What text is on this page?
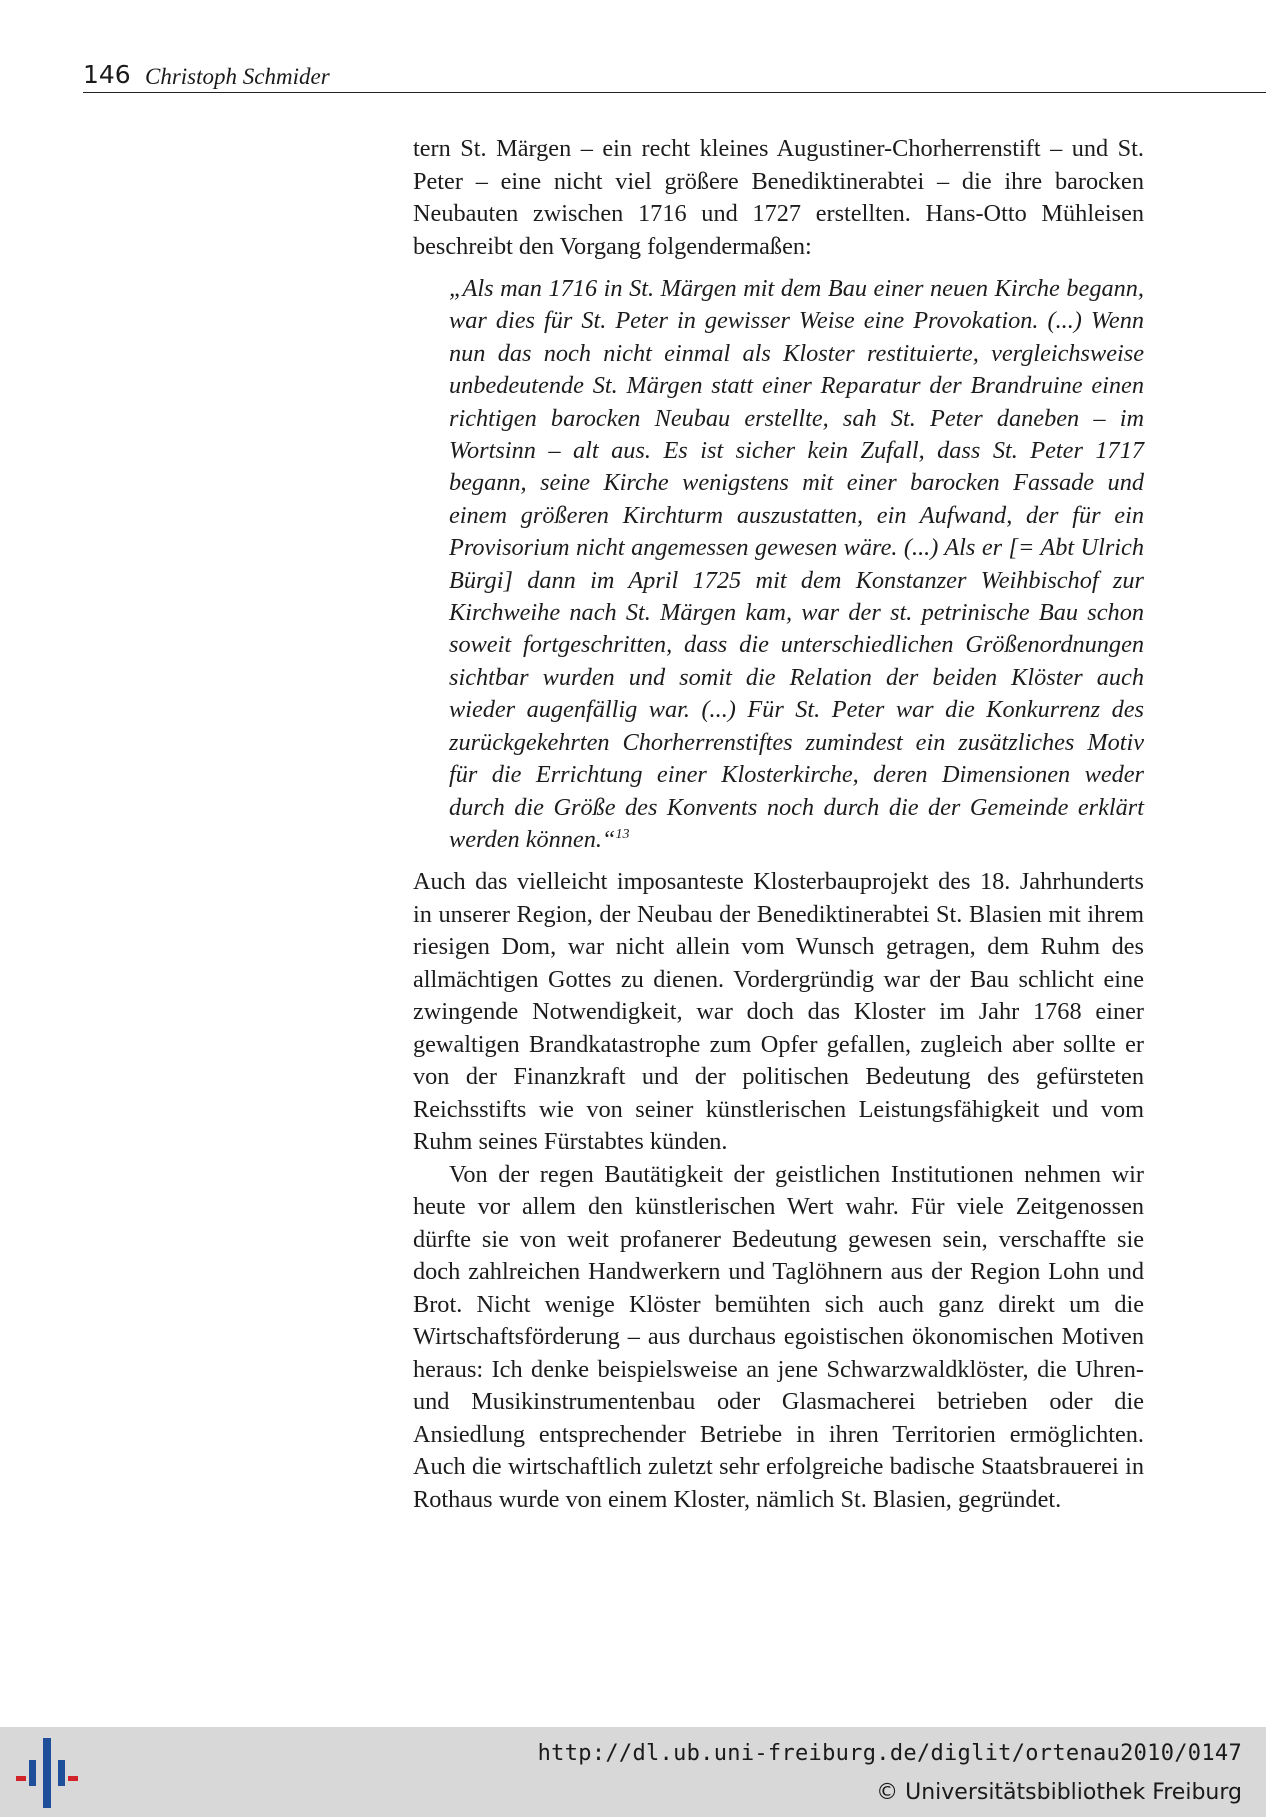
146 Christoph Schmider

tern St. Märgen – ein recht kleines Augustiner-Chorherrenstift – und St. Peter – eine nicht viel größere Benediktinerabtei – die ihre barocken Neubauten zwischen 1716 und 1727 erstellten. Hans-Otto Mühleisen beschreibt den Vorgang folgendermaßen:

„Als man 1716 in St. Märgen mit dem Bau einer neuen Kirche begann, war dies für St. Peter in gewisser Weise eine Provokation. (...) Wenn nun das noch nicht einmal als Kloster restituierte, vergleichsweise unbedeutende St. Märgen statt einer Reparatur der Brandruine einen richtigen barocken Neubau erstellte, sah St. Peter daneben – im Wortsinn – alt aus. Es ist sicher kein Zufall, dass St. Peter 1717 begann, seine Kirche wenigstens mit einer barocken Fassade und einem größeren Kirchturm auszustatten, ein Aufwand, der für ein Provisorium nicht angemessen gewesen wäre. (...) Als er [= Abt Ulrich Bürgi] dann im April 1725 mit dem Konstanzer Weihbischof zur Kirchweihe nach St. Märgen kam, war der st. petrinische Bau schon soweit fortgeschritten, dass die unterschiedlichen Größenordnungen sichtbar wurden und somit die Relation der beiden Klöster auch wieder augenfällig war. (...) Für St. Peter war die Konkurrenz des zurückgekehrten Chorherrenstiftes zumindest ein zusätzliches Motiv für die Errichtung einer Klosterkirche, deren Dimensionen weder durch die Größe des Konvents noch durch die der Gemeinde erklärt werden können.“$^{13}$

Auch das vielleicht imposanteste Klosterbauprojekt des 18. Jahrhunderts in unserer Region, der Neubau der Benediktinerabtei St. Blasien mit ihrem riesigen Dom, war nicht allein vom Wunsch getragen, dem Ruhm des allmächtigen Gottes zu dienen. Vordergründig war der Bau schlicht eine zwingende Notwendigkeit, war doch das Kloster im Jahr 1768 einer gewaltigen Brandkatastrophe zum Opfer gefallen, zugleich aber sollte er von der Finanzkraft und der politischen Bedeutung des gefürsteten Reichsstifts wie von seiner künstlerischen Leistungsfähigkeit und vom Ruhm seines Fürstabtes künden.

Von der regen Bautätigkeit der geistlichen Institutionen nehmen wir heute vor allem den künstlerischen Wert wahr. Für viele Zeitgenossen dürfte sie von weit profanerer Bedeutung gewesen sein, verschaffte sie doch zahlreichen Handwerkern und Taglöhnern aus der Region Lohn und Brot. Nicht wenige Klöster bemühten sich auch ganz direkt um die Wirtschaftsförderung – aus durchaus egoistischen ökonomischen Motiven heraus: Ich denke beispielsweise an jene Schwarzwaldklöster, die Uhren- und Musikinstrumentenbau oder Glasmacherei betrieben oder die Ansiedlung entsprechender Betriebe in ihren Territorien ermöglichten. Auch die wirtschaftlich zuletzt sehr erfolgreiche badische Staatsbrauerei in Rothaus wurde von einem Kloster, nämlich St. Blasien, gegründet.

http://dl.ub.uni-freiburg.de/diglit/ortenau2010/0147
© Universitätsbibliothek Freiburg
